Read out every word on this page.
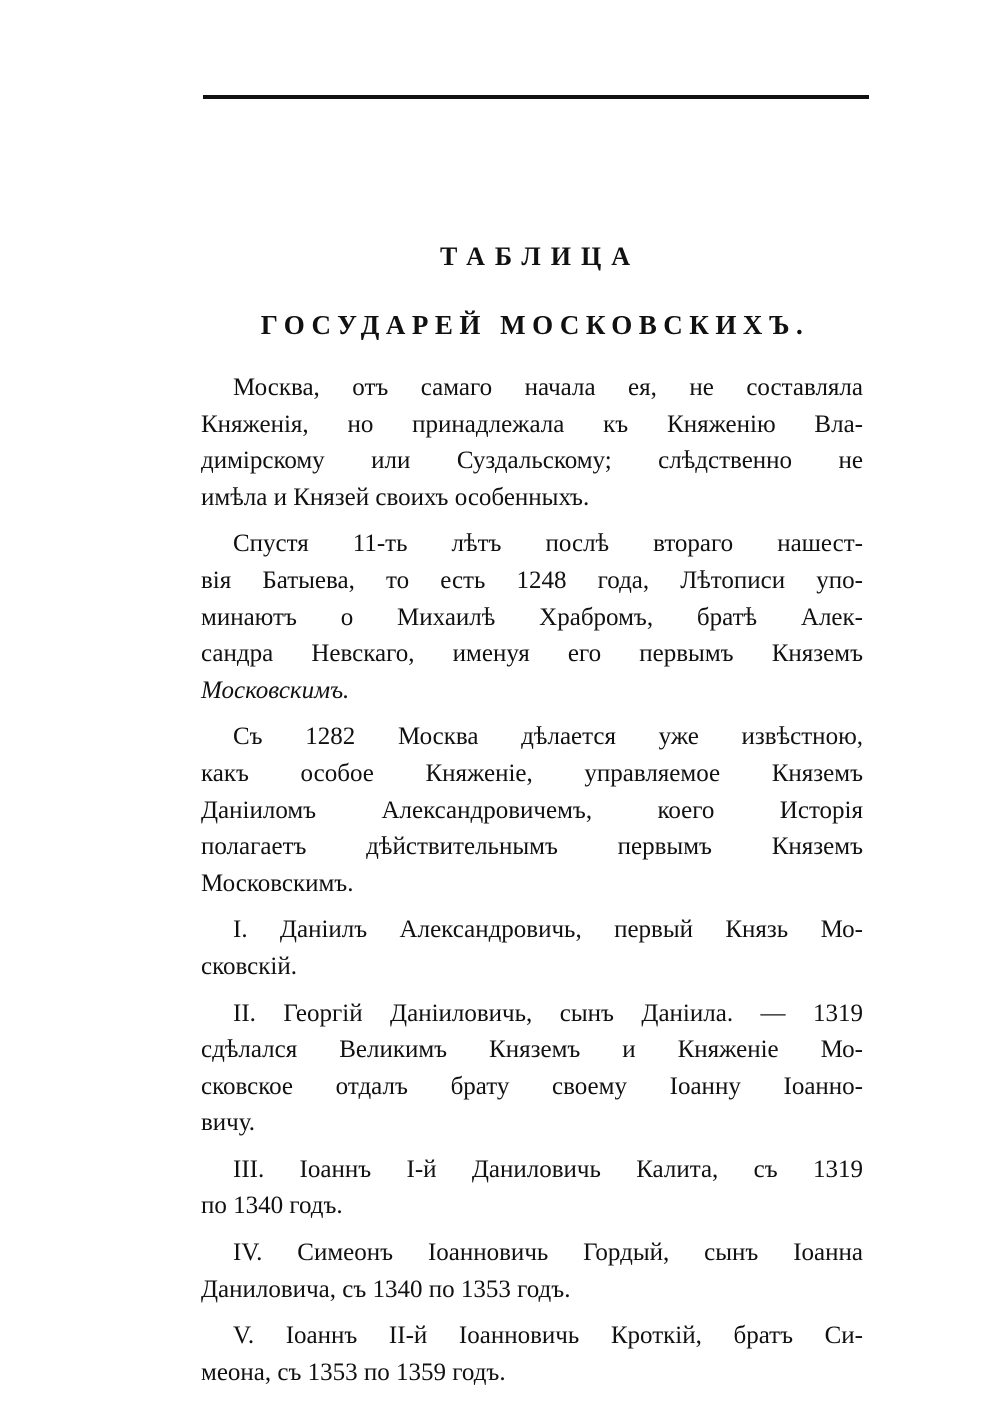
ТАБЛИЦА
ГОСУДАРЕЙ МОСКОВСКИХЪ.

Москва, отъ самаго начала ея, не составляла
Княженія, но принадлежала къ Княженію Вла-
димірскому или Суздальскому; слѣдственно не
имѣла и Князей своихъ особенныхъ.

Спустя 11-ть лѣтъ послѣ втораго нашест-
вія Батыева, то есть 1248 года, Лѣтописи упо-
минаютъ о Михаилѣ Храбромъ, братѣ Алек-
сандра Невскаго, именуя его первымъ Княземъ
Московскимъ.

Съ 1282 Москва дѣлается уже извѣстною,
какъ особое Княженіе, управляемое Княземъ
Даніиломъ Александровичемъ, коего Исторія
полагаетъ дѣйствительнымъ первымъ Княземъ
Московскимъ.

I. Даніилъ Александровичь, первый Князь Мо-
сковскій.

II. Георгій Даніиловичь, сынъ Даніила. — 1319
сдѣлался Великимъ Княземъ и Княженіе Мо-
сковское отдалъ брату своему Іоанну Іоанно-
вичу.

III. Іоаннъ I-й Даниловичь Калита, съ 1319
по 1340 годъ.

IV. Симеонъ Іоанновичь Гордый, сынъ Іоанна
Даниловича, съ 1340 по 1353 годъ.

V. Іоаннъ II-й Іоанновичь Кроткій, братъ Си-
меона, съ 1353 по 1359 годъ.
